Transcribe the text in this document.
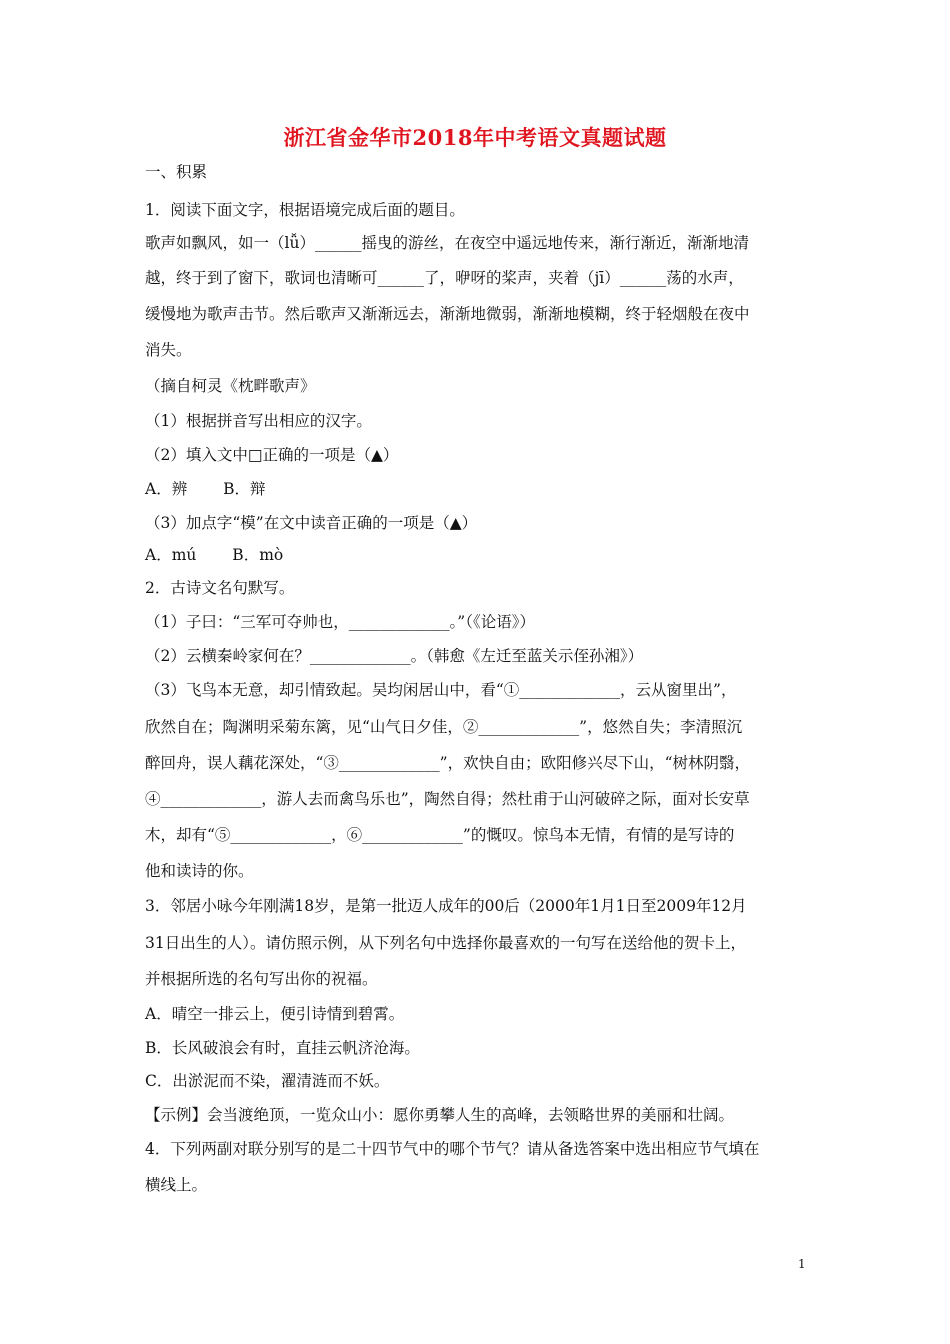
浙江省金华市2018年中考语文真题试题
一、积累
1．阅读下面文字，根据语境完成后面的题目。
歌声如飘风，如一（lǚ）______摇曳的游丝，在夜空中遥远地传来，渐行渐近，渐渐地清
越，终于到了窗下，歌词也清晰可______了，咿呀的桨声，夹着（jī）______荡的水声，
缓慢地为歌声击节。然后歌声又渐渐远去，渐渐地微弱，渐渐地模糊，终于轻烟般在夜中
消失。
（摘自柯灵《枕畔歌声》
（1）根据拼音写出相应的汉字。
（2）填入文中□正确的一项是（▲）
A．辨　　 B．辩
（3）加点字“模”在文中读音正确的一项是（▲）
A．mú　　 B．mò
2．古诗文名句默写。
（1）子曰：“三军可夺帅也，_____________。”（《论语》）
（2）云横秦岭家何在？_____________。（韩愈《左迁至蓝关示侄孙湘》）
（3）飞鸟本无意，却引情致起。吴均闲居山中，看“①_____________，云从窗里出”，
欣然自在；陶渊明采菊东篱，见“山气日夕佳，②_____________”，悠然自失；李清照沉
醉回舟，误人藕花深处，“③_____________”，欢快自由；欧阳修兴尽下山，“树林阴翳，
④_____________，游人去而禽鸟乐也”，陶然自得；然杜甫于山河破碎之际，面对长安草
木，却有“⑤_____________，⑥_____________”的慨叹。惊鸟本无情，有情的是写诗的
他和读诗的你。
3．邻居小咏今年刚满18岁，是第一批迈人成年的00后（2000年1月1日至2009年12月
31日出生的人）。请仿照示例，从下列名句中选择你最喜欢的一句写在送给他的贺卡上，
并根据所选的名句写出你的祝福。
A．晴空一排云上，便引诗情到碧霄。
B．长风破浪会有时，直挂云帆济沧海。
C．出淤泥而不染，濯清涟而不妖。
【示例】会当渡绝顶，一览众山小：愿你勇攀人生的高峰，去领略世界的美丽和壮阔。
4．下列两副对联分别写的是二十四节气中的哪个节气？请从备选答案中选出相应节气填在
横线上。
1
